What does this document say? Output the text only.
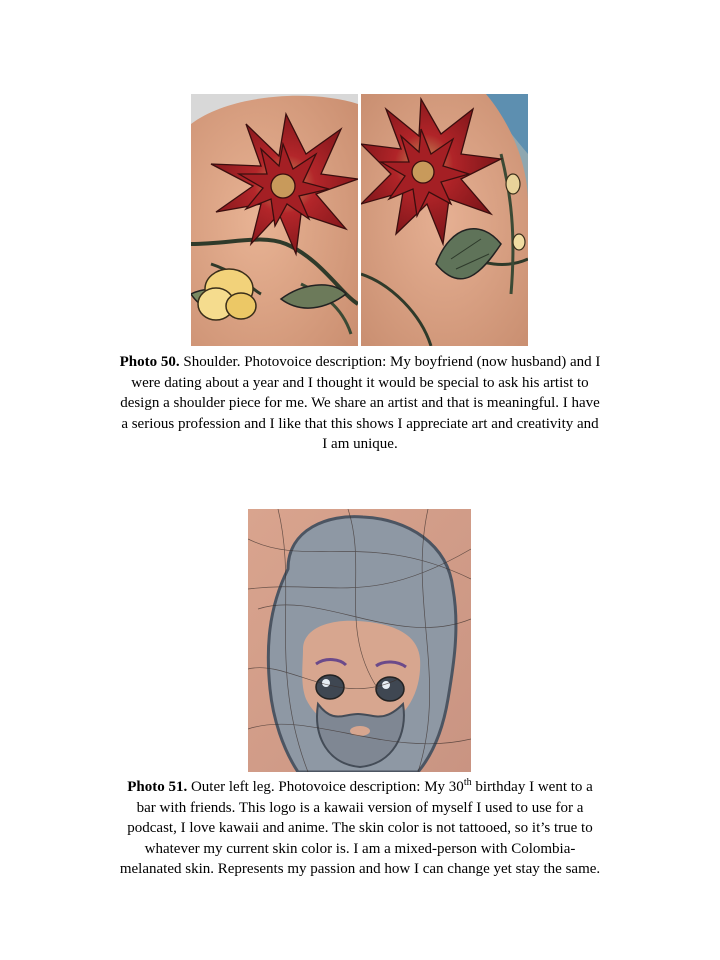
Photo 50. Shoulder. Photovoice description: My boyfriend (now husband) and I
were dating about a year and I thought it would be special to ask his artist to
design a shoulder piece for me. We share an artist and that is meaningful. I have
a serious profession and I like that this shows I appreciate art and creativity and
I am unique.

Photo 51. Outer left leg. Photovoice description: My 30th birthday I went to a
bar with friends. This logo is a kawaii version of myself I used to use for a
podcast, I love kawaii and anime. The skin color is not tattooed, so it’s true to
whatever my current skin color is. I am a mixed-person with Colombia-
melanated skin. Represents my passion and how I can change yet stay the same.
